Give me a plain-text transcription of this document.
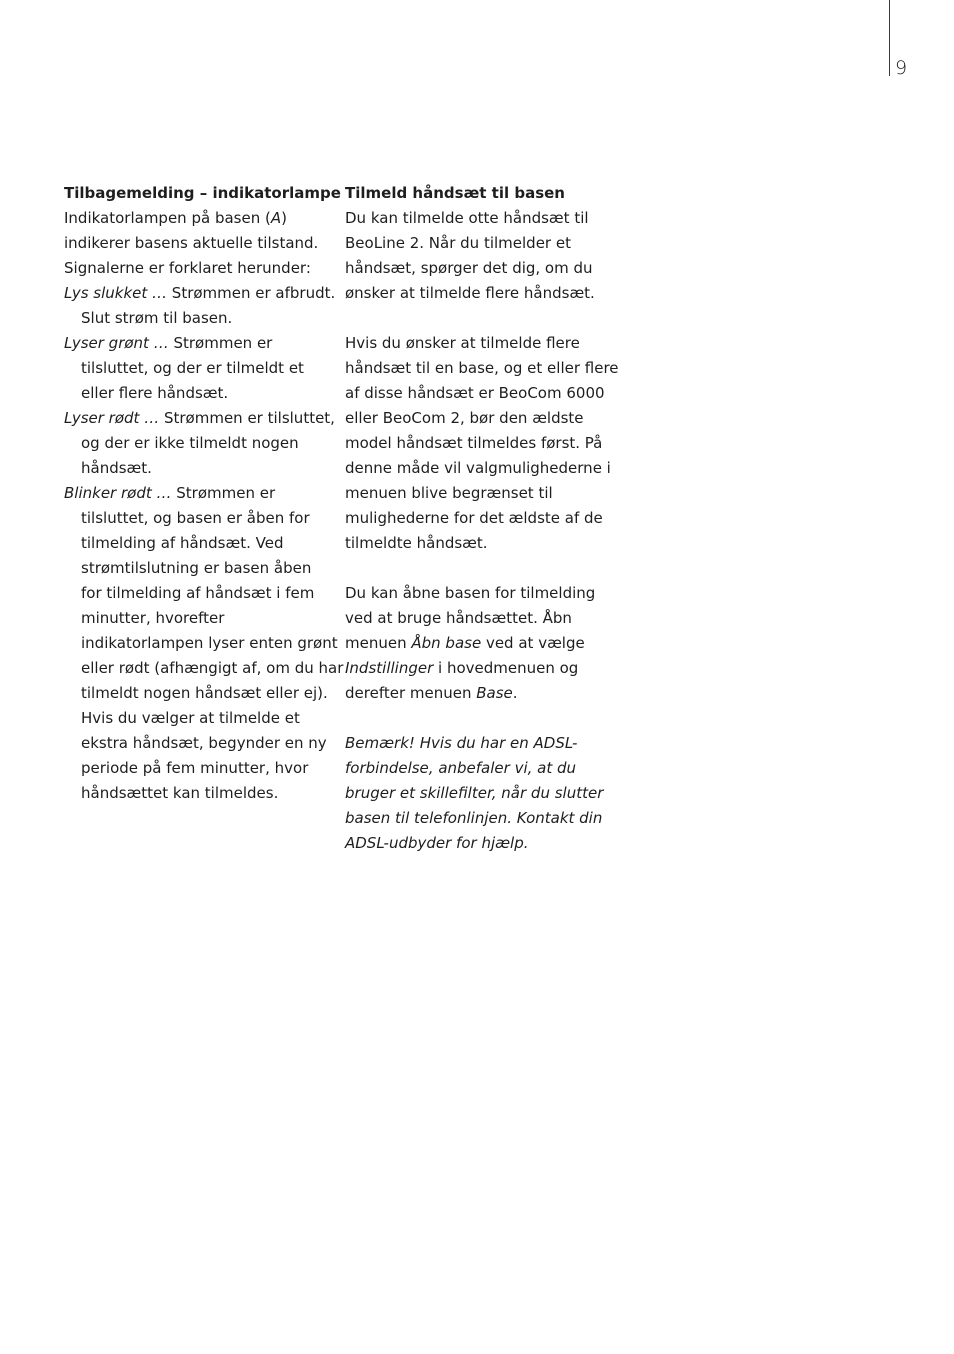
9

Tilbagemelding – indikatorlampe

Indikatorlampen på basen (A)
indikerer basens aktuelle tilstand.
Signalerne er forklaret herunder:

Lys slukket … Strømmen er afbrudt.
Slut strøm til basen.

Lyser grønt … Strømmen er
tilsluttet, og der er tilmeldt et
eller flere håndsæt.

Lyser rødt … Strømmen er tilsluttet,
og der er ikke tilmeldt nogen
håndsæt.

Blinker rødt … Strømmen er
tilsluttet, og basen er åben for
tilmelding af håndsæt. Ved
strømtilslutning er basen åben
for tilmelding af håndsæt i fem
minutter, hvorefter
indikatorlampen lyser enten grønt
eller rødt (afhængigt af, om du har
tilmeldt nogen håndsæt eller ej).
Hvis du vælger at tilmelde et
ekstra håndsæt, begynder en ny
periode på fem minutter, hvor
håndsættet kan tilmeldes.

Tilmeld håndsæt til basen

Du kan tilmelde otte håndsæt til
BeoLine 2. Når du tilmelder et
håndsæt, spørger det dig, om du
ønsker at tilmelde flere håndsæt.

Hvis du ønsker at tilmelde flere
håndsæt til en base, og et eller flere
af disse håndsæt er BeoCom 6000
eller BeoCom 2, bør den ældste
model håndsæt tilmeldes først. På
denne måde vil valgmulighederne i
menuen blive begrænset til
mulighederne for det ældste af de
tilmeldte håndsæt.

Du kan åbne basen for tilmelding
ved at bruge håndsættet. Åbn
menuen Åbn base ved at vælge
Indstillinger i hovedmenuen og
derefter menuen Base.

Bemærk! Hvis du har en ADSL-
forbindelse, anbefaler vi, at du
bruger et skillefilter, når du slutter
basen til telefonlinjen. Kontakt din
ADSL-udbyder for hjælp.
